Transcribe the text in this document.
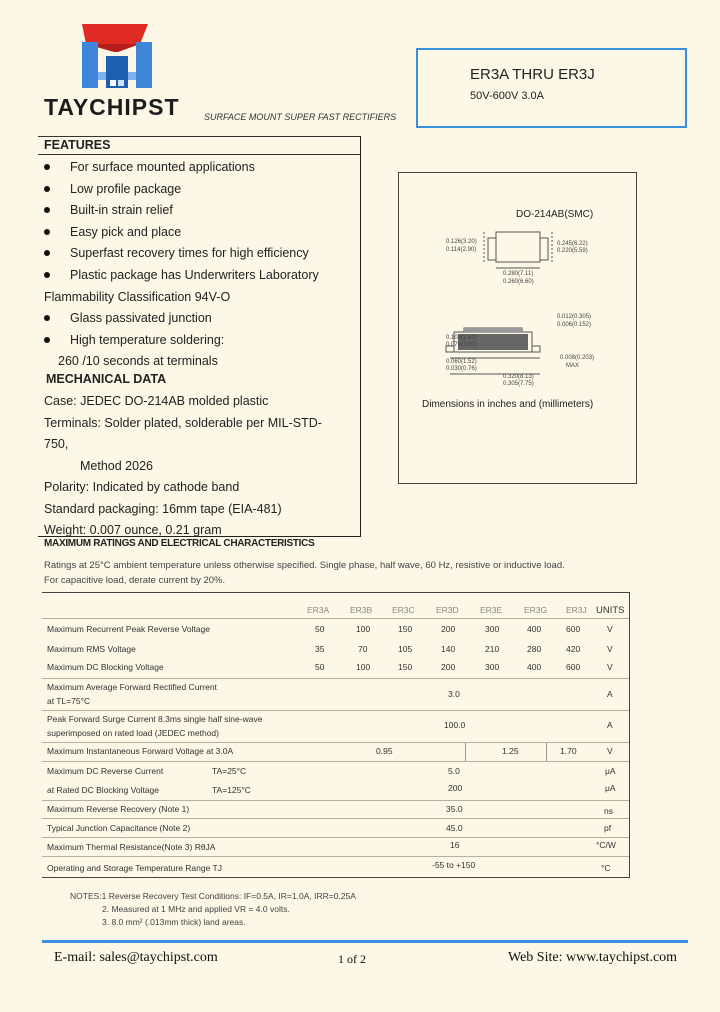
TAYCHIPST	SURFACE MOUNT SUPER FAST RECTIFIERS
ER3A THRU ER3J
50V-600V 3.0A
FEATURES
For surface mounted applications
Low profile package
Built-in strain relief
Easy pick and place
Superfast recovery times for high efficiency
Plastic package has Underwriters Laboratory
Flammability Classification 94V-O
Glass passivated junction
High temperature soldering:
260 /10 seconds at terminals
MECHANICAL DATA
Case: JEDEC DO-214AB molded plastic
Terminals: Solder plated, solderable per MIL-STD-
750,
Method 2026
Polarity: Indicated by cathode band
Standard packaging: 16mm tape (EIA-481)
Weight: 0.007 ounce, 0.21 gram
DO-214AB(SMC)
0.126(3.20)
0.114(2.90)
0.245(6.22)
0.220(5.59)
0.280(7.11)
0.260(6.60)
0.012(0.305)
0.006(0.152)
0.103(2.62)
0.079(2.00)
0.060(1.52)
0.030(0.76)
0.008(0.203)
MAX
0.320(8.13)
0.305(7.75)
Dimensions in inches and (millimeters)
MAXIMUM RATINGS AND ELECTRICAL CHARACTERISTICS
Ratings at 25°C ambient temperature unless otherwise specified. Single phase, half wave, 60 Hz, resistive or inductive load.
For capacitive load, derate current by 20%.
ER3A ER3B ER3C	ER3D	ER3E	ER3G ER3J UNITS
Maximum Recurrent Peak Reverse Voltage	50	100	150	200	300	400	600	V
Maximum RMS Voltage	35	70	105	140	210	280	420	V
Maximum DC Blocking Voltage	50	100	150	200	300	400	600	V
Maximum Average Forward Rectified Current
at TL=75°C
3.0	A
Peak Forward Surge Current 8.3ms single half sine-wave
superimposed on rated load (JEDEC method)
100.0	A
Maximum Instantaneous Forward Voltage at 3.0A	0.95	1.25	1.70	V
Maximum DC Reverse Current	TA=25°C	5.0	μA
at Rated DC Blocking Voltage	TA=125°C	200	μA
Maximum Reverse Recovery (Note 1)	35.0	ns
Typical Junction Capacitance (Note 2)	45.0	pf
Maximum Thermal Resistance(Note 3) RθJA	16	°C/W
Operating and Storage Temperature Range TJ	-55 to +150	°C
NOTES:1 Reverse Recovery Test Conditions: IF=0.5A, IR=1.0A, IRR=0.25A
2. Measured at 1 MHz and applied VR = 4.0 volts.
3. 8.0 mm² (.013mm thick) land areas.
E-mail: sales@taychipst.com	1 of 2	Web Site: www.taychipst.com
